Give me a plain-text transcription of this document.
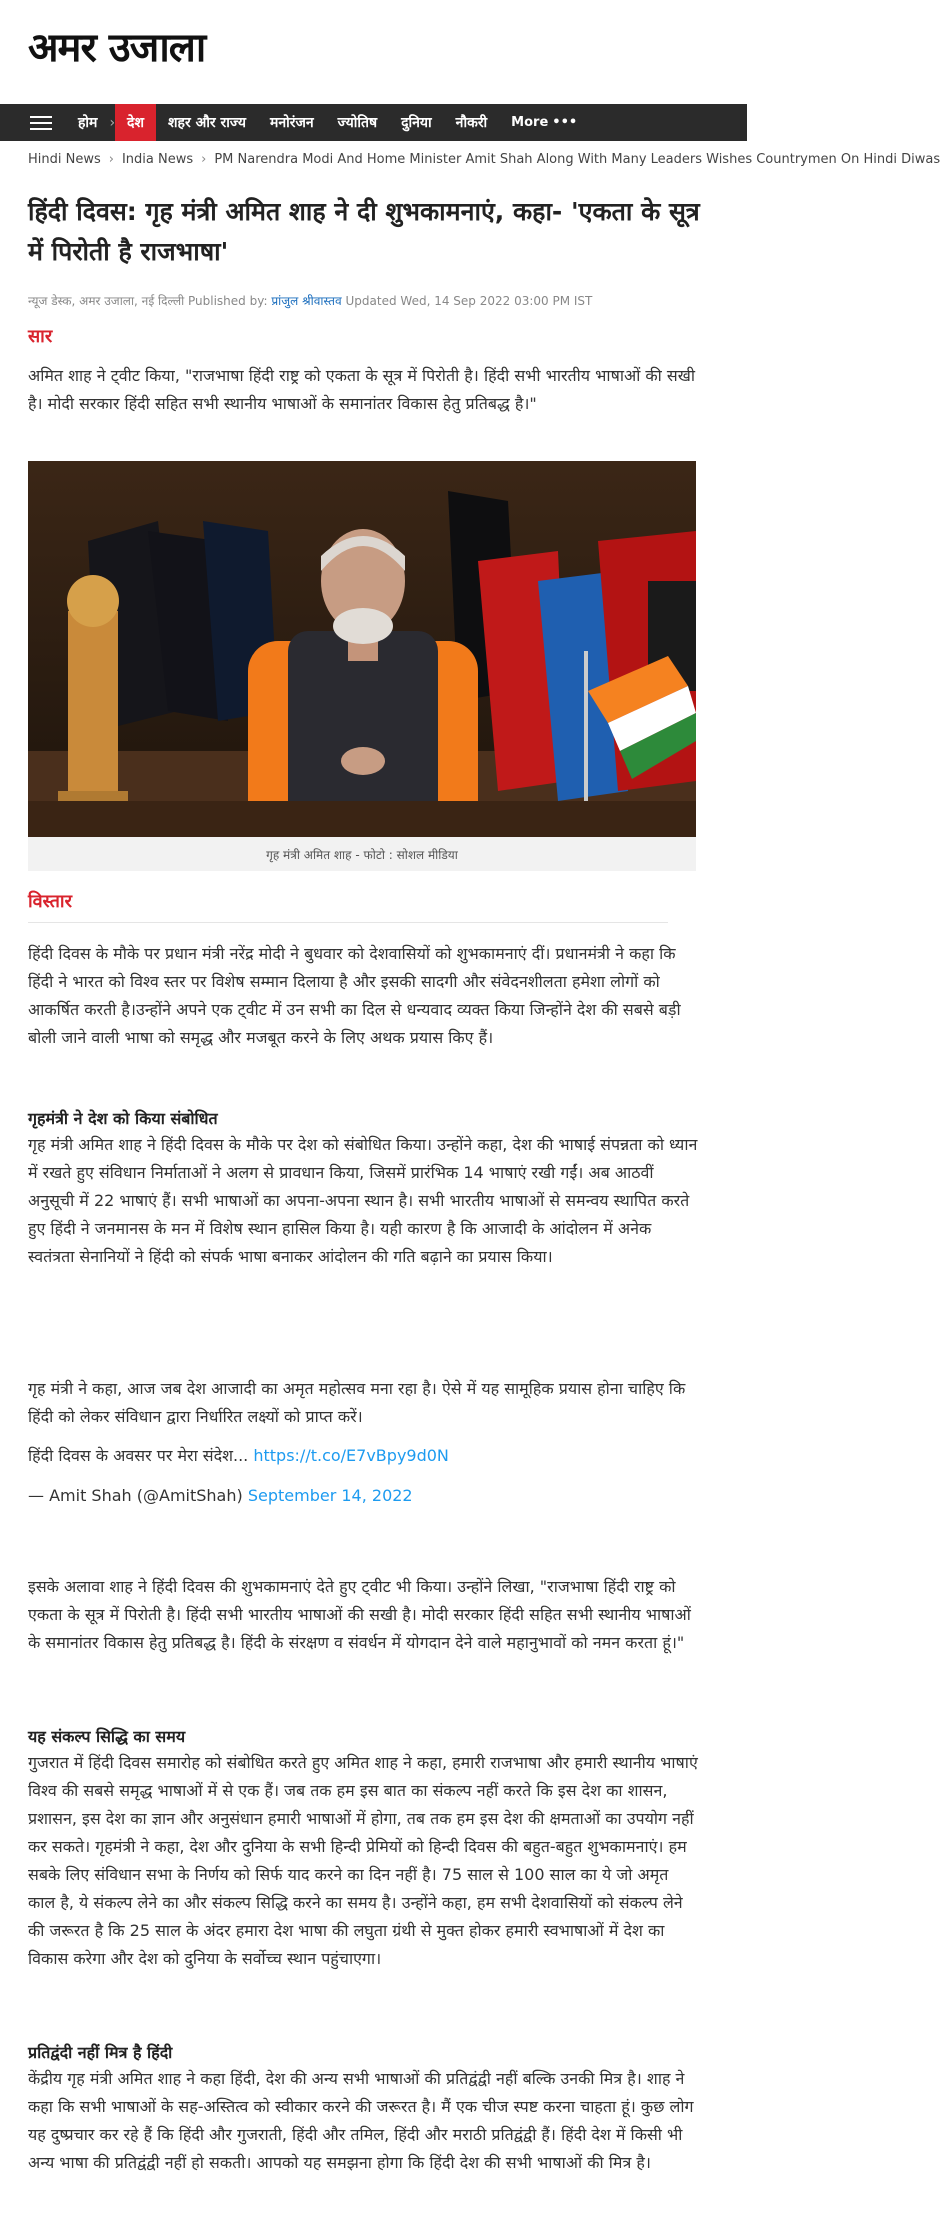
अमर उजाला
होम › देश	शहर और राज्य	मनोरंजन	ज्योतिष	दुनिया	नौकरी	More •••
Hindi News › India News › PM Narendra Modi And Home Minister Amit Shah Along With Many Leaders Wishes Countrymen On Hindi Diwas
हिंदी दिवस: गृह मंत्री अमित शाह ने दी शुभकामनाएं, कहा- 'एकता के सूत्र में पिरोती है राजभाषा'
न्यूज डेस्क, अमर उजाला, नई दिल्ली Published by: प्रांजुल श्रीवास्तव Updated Wed, 14 Sep 2022 03:00 PM IST
सार

अमित शाह ने ट्वीट किया, "राजभाषा हिंदी राष्ट्र को एकता के सूत्र में पिरोती है। हिंदी सभी भारतीय भाषाओं की सखी है। मोदी सरकार हिंदी सहित सभी स्थानीय भाषाओं के समानांतर विकास हेतु प्रतिबद्ध है।"

गृह मंत्री अमित शाह - फोटो : सोशल मीडिया
विस्तार

हिंदी दिवस के मौके पर प्रधान मंत्री नरेंद्र मोदी ने बुधवार को देशवासियों को शुभकामनाएं दीं। प्रधानमंत्री ने कहा कि हिंदी ने भारत को विश्व स्तर पर विशेष सम्मान दिलाया है और इसकी सादगी और संवेदनशीलता हमेशा लोगों को आकर्षित करती है।उन्होंने अपने एक ट्वीट में उन सभी का दिल से धन्यवाद व्यक्त किया जिन्होंने देश की सबसे बड़ी बोली जाने वाली भाषा को समृद्ध और मजबूत करने के लिए अथक प्रयास किए हैं।

गृहमंत्री ने देश को किया संबोधित

गृह मंत्री अमित शाह ने हिंदी दिवस के मौके पर देश को संबोधित किया। उन्होंने कहा, देश की भाषाई संपन्नता को ध्यान में रखते हुए संविधान निर्माताओं ने अलग से प्रावधान किया, जिसमें प्रारंभिक 14 भाषाएं रखी गईं। अब आठवीं अनुसूची में 22 भाषाएं हैं। सभी भाषाओं का अपना-अपना स्थान है। सभी भारतीय भाषाओं से समन्वय स्थापित करते हुए हिंदी ने जनमानस के मन में विशेष स्थान हासिल किया है। यही कारण है कि आजादी के आंदोलन में अनेक स्वतंत्रता सेनानियों ने हिंदी को संपर्क भाषा बनाकर आंदोलन की गति बढ़ाने का प्रयास किया।

गृह मंत्री ने कहा, आज जब देश आजादी का अमृत महोत्सव मना रहा है। ऐसे में यह सामूहिक प्रयास होना चाहिए कि हिंदी को लेकर संविधान द्वारा निर्धारित लक्ष्यों को प्राप्त करें।

हिंदी दिवस के अवसर पर मेरा संदेश... https://t.co/E7vBpy9d0N
— Amit Shah (@AmitShah) September 14, 2022

इसके अलावा शाह ने हिंदी दिवस की शुभकामनाएं देते हुए ट्वीट भी किया। उन्होंने लिखा, "राजभाषा हिंदी राष्ट्र को एकता के सूत्र में पिरोती है। हिंदी सभी भारतीय भाषाओं की सखी है। मोदी सरकार हिंदी सहित सभी स्थानीय भाषाओं के समानांतर विकास हेतु प्रतिबद्ध है। हिंदी के संरक्षण व संवर्धन में योगदान देने वाले महानुभावों को नमन करता हूं।"

यह संकल्प सिद्धि का समय

गुजरात में हिंदी दिवस समारोह को संबोधित करते हुए अमित शाह ने कहा, हमारी राजभाषा और हमारी स्थानीय भाषाएं विश्व की सबसे समृद्ध भाषाओं में से एक हैं। जब तक हम इस बात का संकल्प नहीं करते कि इस देश का शासन, प्रशासन, इस देश का ज्ञान और अनुसंधान हमारी भाषाओं में होगा, तब तक हम इस देश की क्षमताओं का उपयोग नहीं कर सकते। गृहमंत्री ने कहा, देश और दुनिया के सभी हिन्दी प्रेमियों को हिन्दी दिवस की बहुत-बहुत शुभकामनाएं। हम सबके लिए संविधान सभा के निर्णय को सिर्फ याद करने का दिन नहीं है। 75 साल से 100 साल का ये जो अमृत काल है, ये संकल्प लेने का और संकल्प सिद्धि करने का समय है। उन्होंने कहा, हम सभी देशवासियों को संकल्प लेने की जरूरत है कि 25 साल के अंदर हमारा देश भाषा की लघुता ग्रंथी से मुक्त होकर हमारी स्वभाषाओं में देश का विकास करेगा और देश को दुनिया के सर्वोच्च स्थान पहुंचाएगा।

प्रतिद्वंदी नहीं मित्र है हिंदी

केंद्रीय गृह मंत्री अमित शाह ने कहा हिंदी, देश की अन्य सभी भाषाओं की प्रतिद्वंद्वी नहीं बल्कि उनकी मित्र है। शाह ने कहा कि सभी भाषाओं के सह-अस्तित्व को स्वीकार करने की जरूरत है। मैं एक चीज स्पष्ट करना चाहता हूं। कुछ लोग यह दुष्प्रचार कर रहे हैं कि हिंदी और गुजराती, हिंदी और तमिल, हिंदी और मराठी प्रतिद्वंद्वी हैं। हिंदी देश में किसी भी अन्य भाषा की प्रतिद्वंद्वी नहीं हो सकती। आपको यह समझना होगा कि हिंदी देश की सभी भाषाओं की मित्र है।
